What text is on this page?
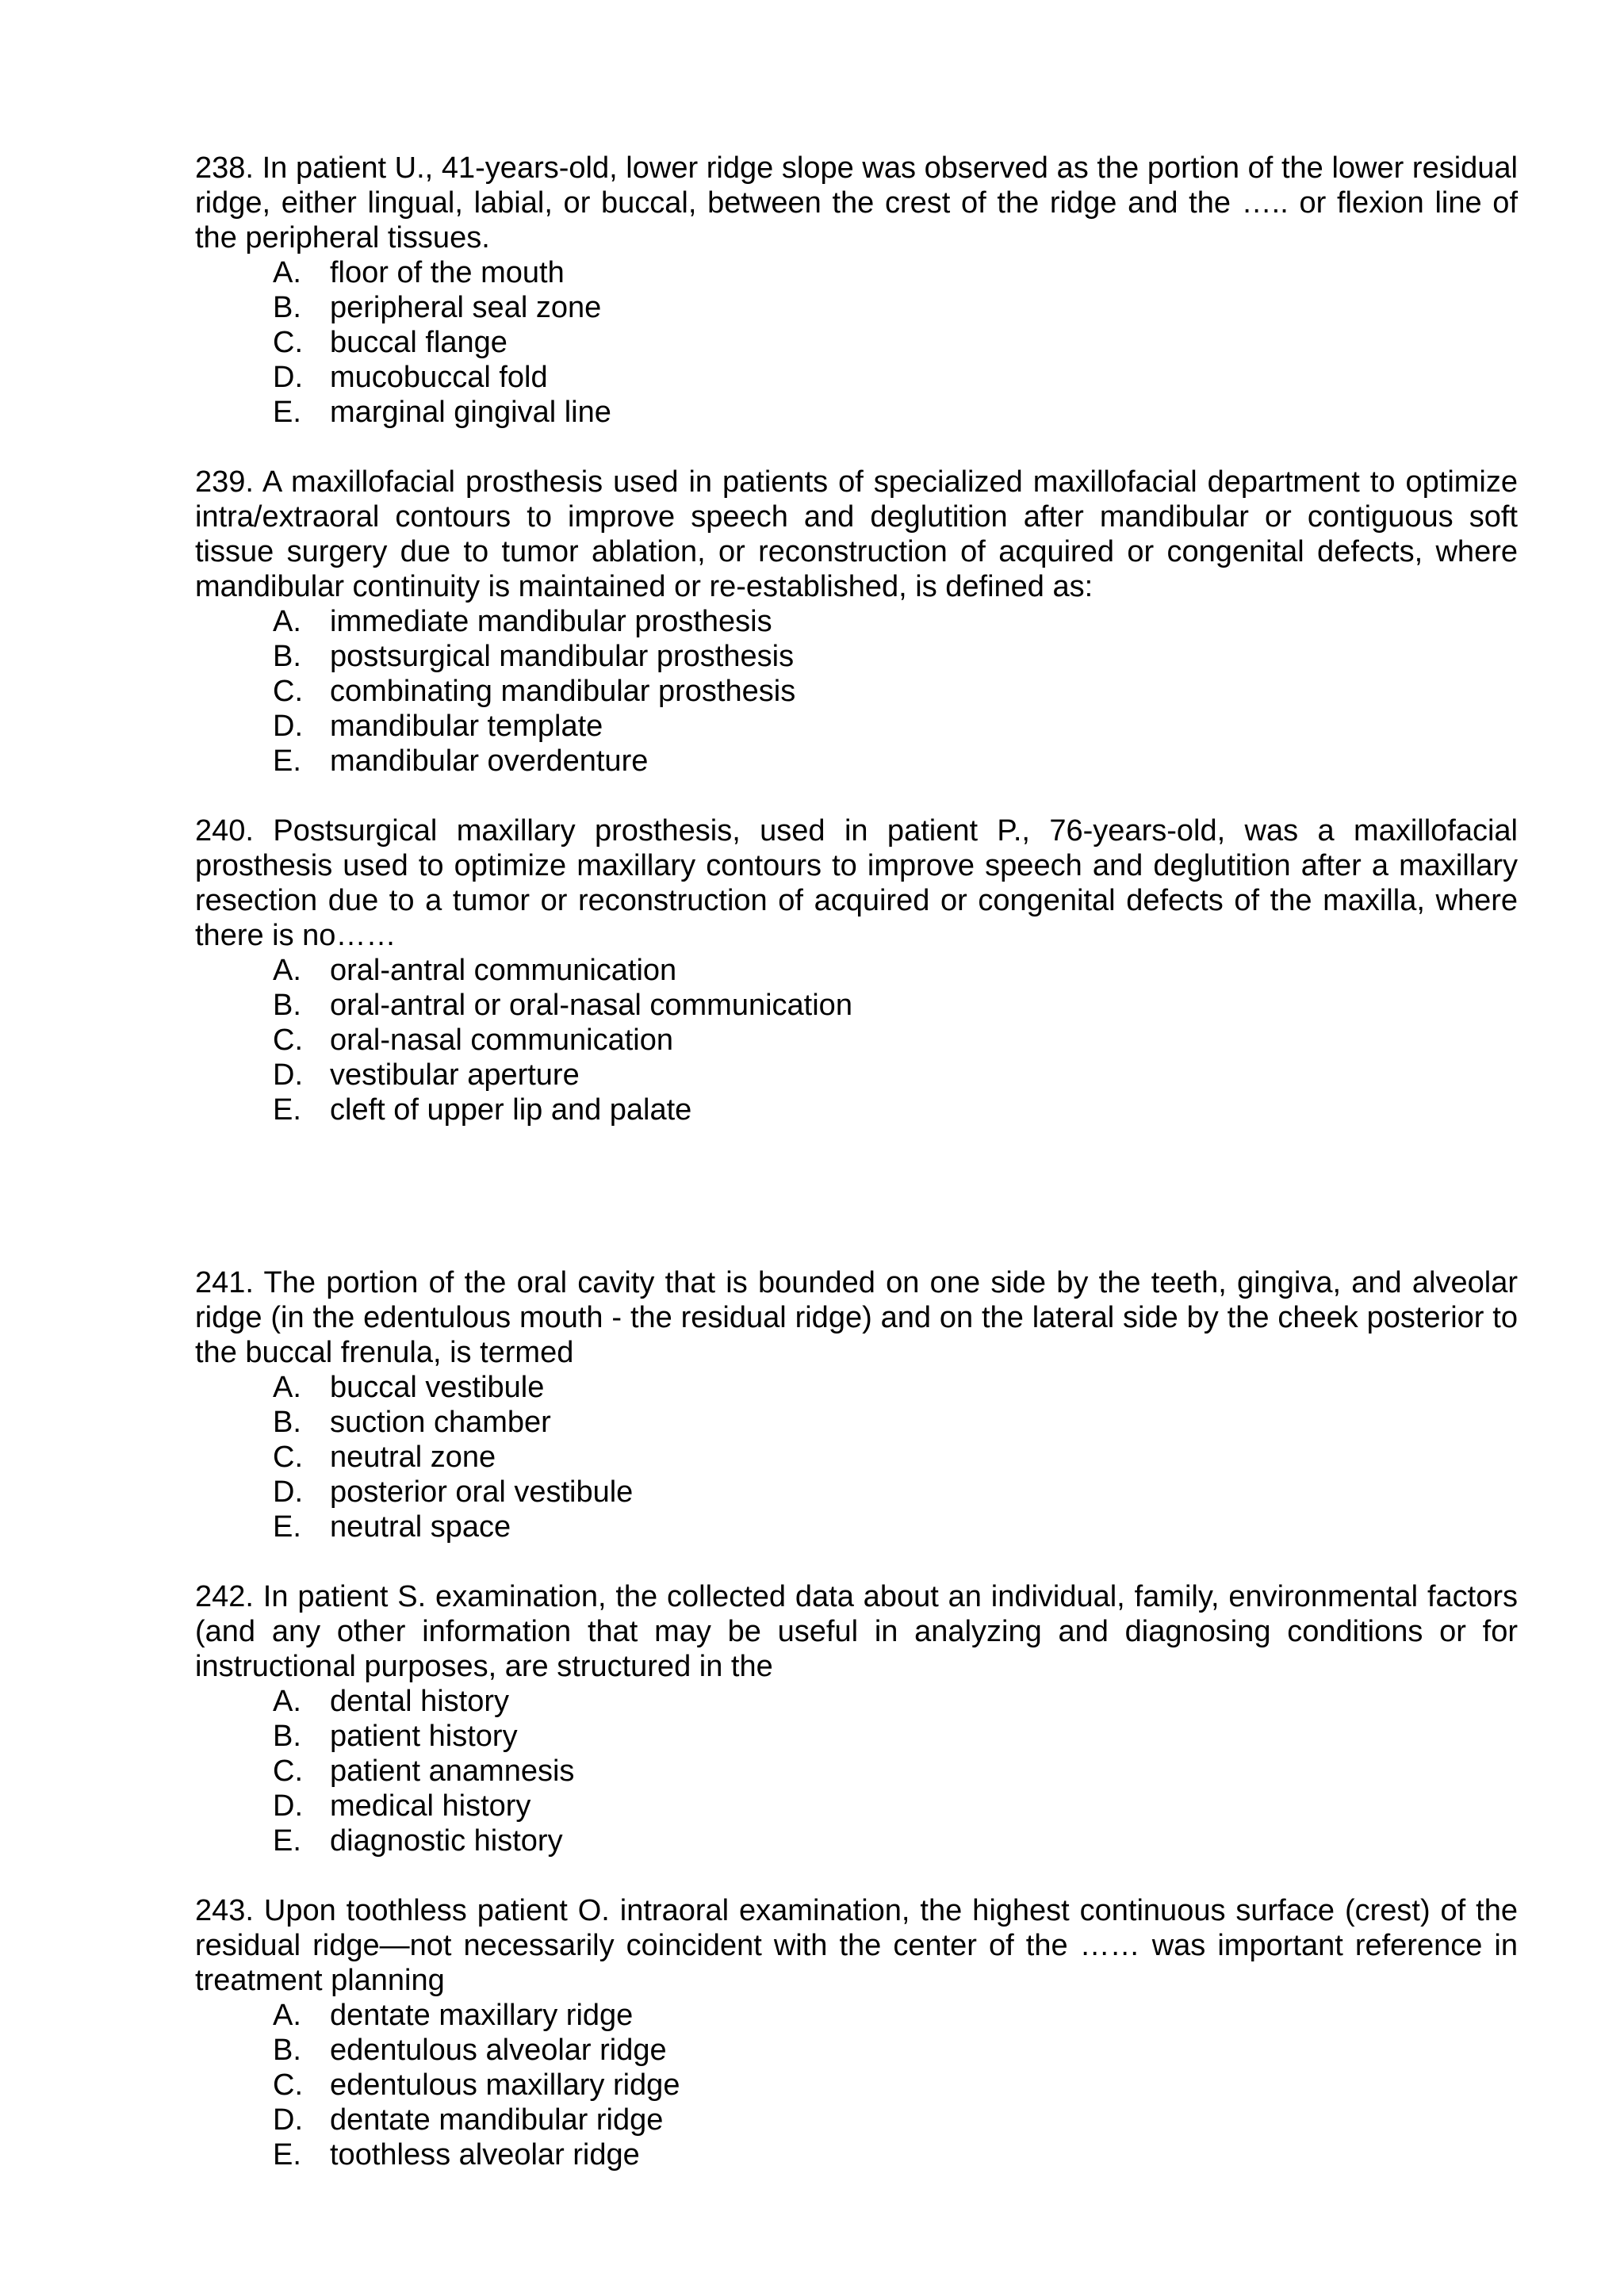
238. In patient U., 41-years-old, lower ridge slope was observed as the portion of the lower residual ridge, either lingual, labial, or buccal, between the crest of the ridge and the ….. or flexion line of the peripheral tissues.

A. floor of the mouth
B. peripheral seal zone
C. buccal flange
D. mucobuccal fold
E. marginal gingival line

239. A maxillofacial prosthesis used in patients of specialized maxillofacial department to optimize intra/extraoral contours to improve speech and deglutition after mandibular or contiguous soft tissue surgery due to tumor ablation, or reconstruction of acquired or congenital defects, where mandibular continuity is maintained or re-established, is defined as:

A. immediate mandibular prosthesis
B. postsurgical mandibular prosthesis
C. combinating mandibular prosthesis
D. mandibular template
E. mandibular overdenture

240. Postsurgical maxillary prosthesis, used in patient P., 76-years-old, was a maxillofacial prosthesis used to optimize maxillary contours to improve speech and deglutition after a maxillary resection due to a tumor or reconstruction of acquired or congenital defects of the maxilla, where there is no……

A. oral-antral communication
B. oral-antral or oral-nasal communication
C. oral-nasal communication
D. vestibular aperture
E. cleft of upper lip and palate

241. The portion of the oral cavity that is bounded on one side by the teeth, gingiva, and alveolar ridge (in the edentulous mouth - the residual ridge) and on the lateral side by the cheek posterior to the buccal frenula, is termed

A. buccal vestibule
B. suction chamber
C. neutral zone
D. posterior oral vestibule
E. neutral space

242. In patient S. examination, the collected data about an individual, family, environmental factors (and any other information that may be useful in analyzing and diagnosing conditions or for instructional purposes, are structured in the

A. dental history
B. patient history
C. patient anamnesis
D. medical history
E. diagnostic history

243. Upon toothless patient O. intraoral examination, the highest continuous surface (crest) of the residual ridge—not necessarily coincident with the center of the …… was important reference in treatment planning

A. dentate maxillary ridge
B. edentulous alveolar ridge
C. edentulous maxillary ridge
D. dentate mandibular ridge
E. toothless alveolar ridge
